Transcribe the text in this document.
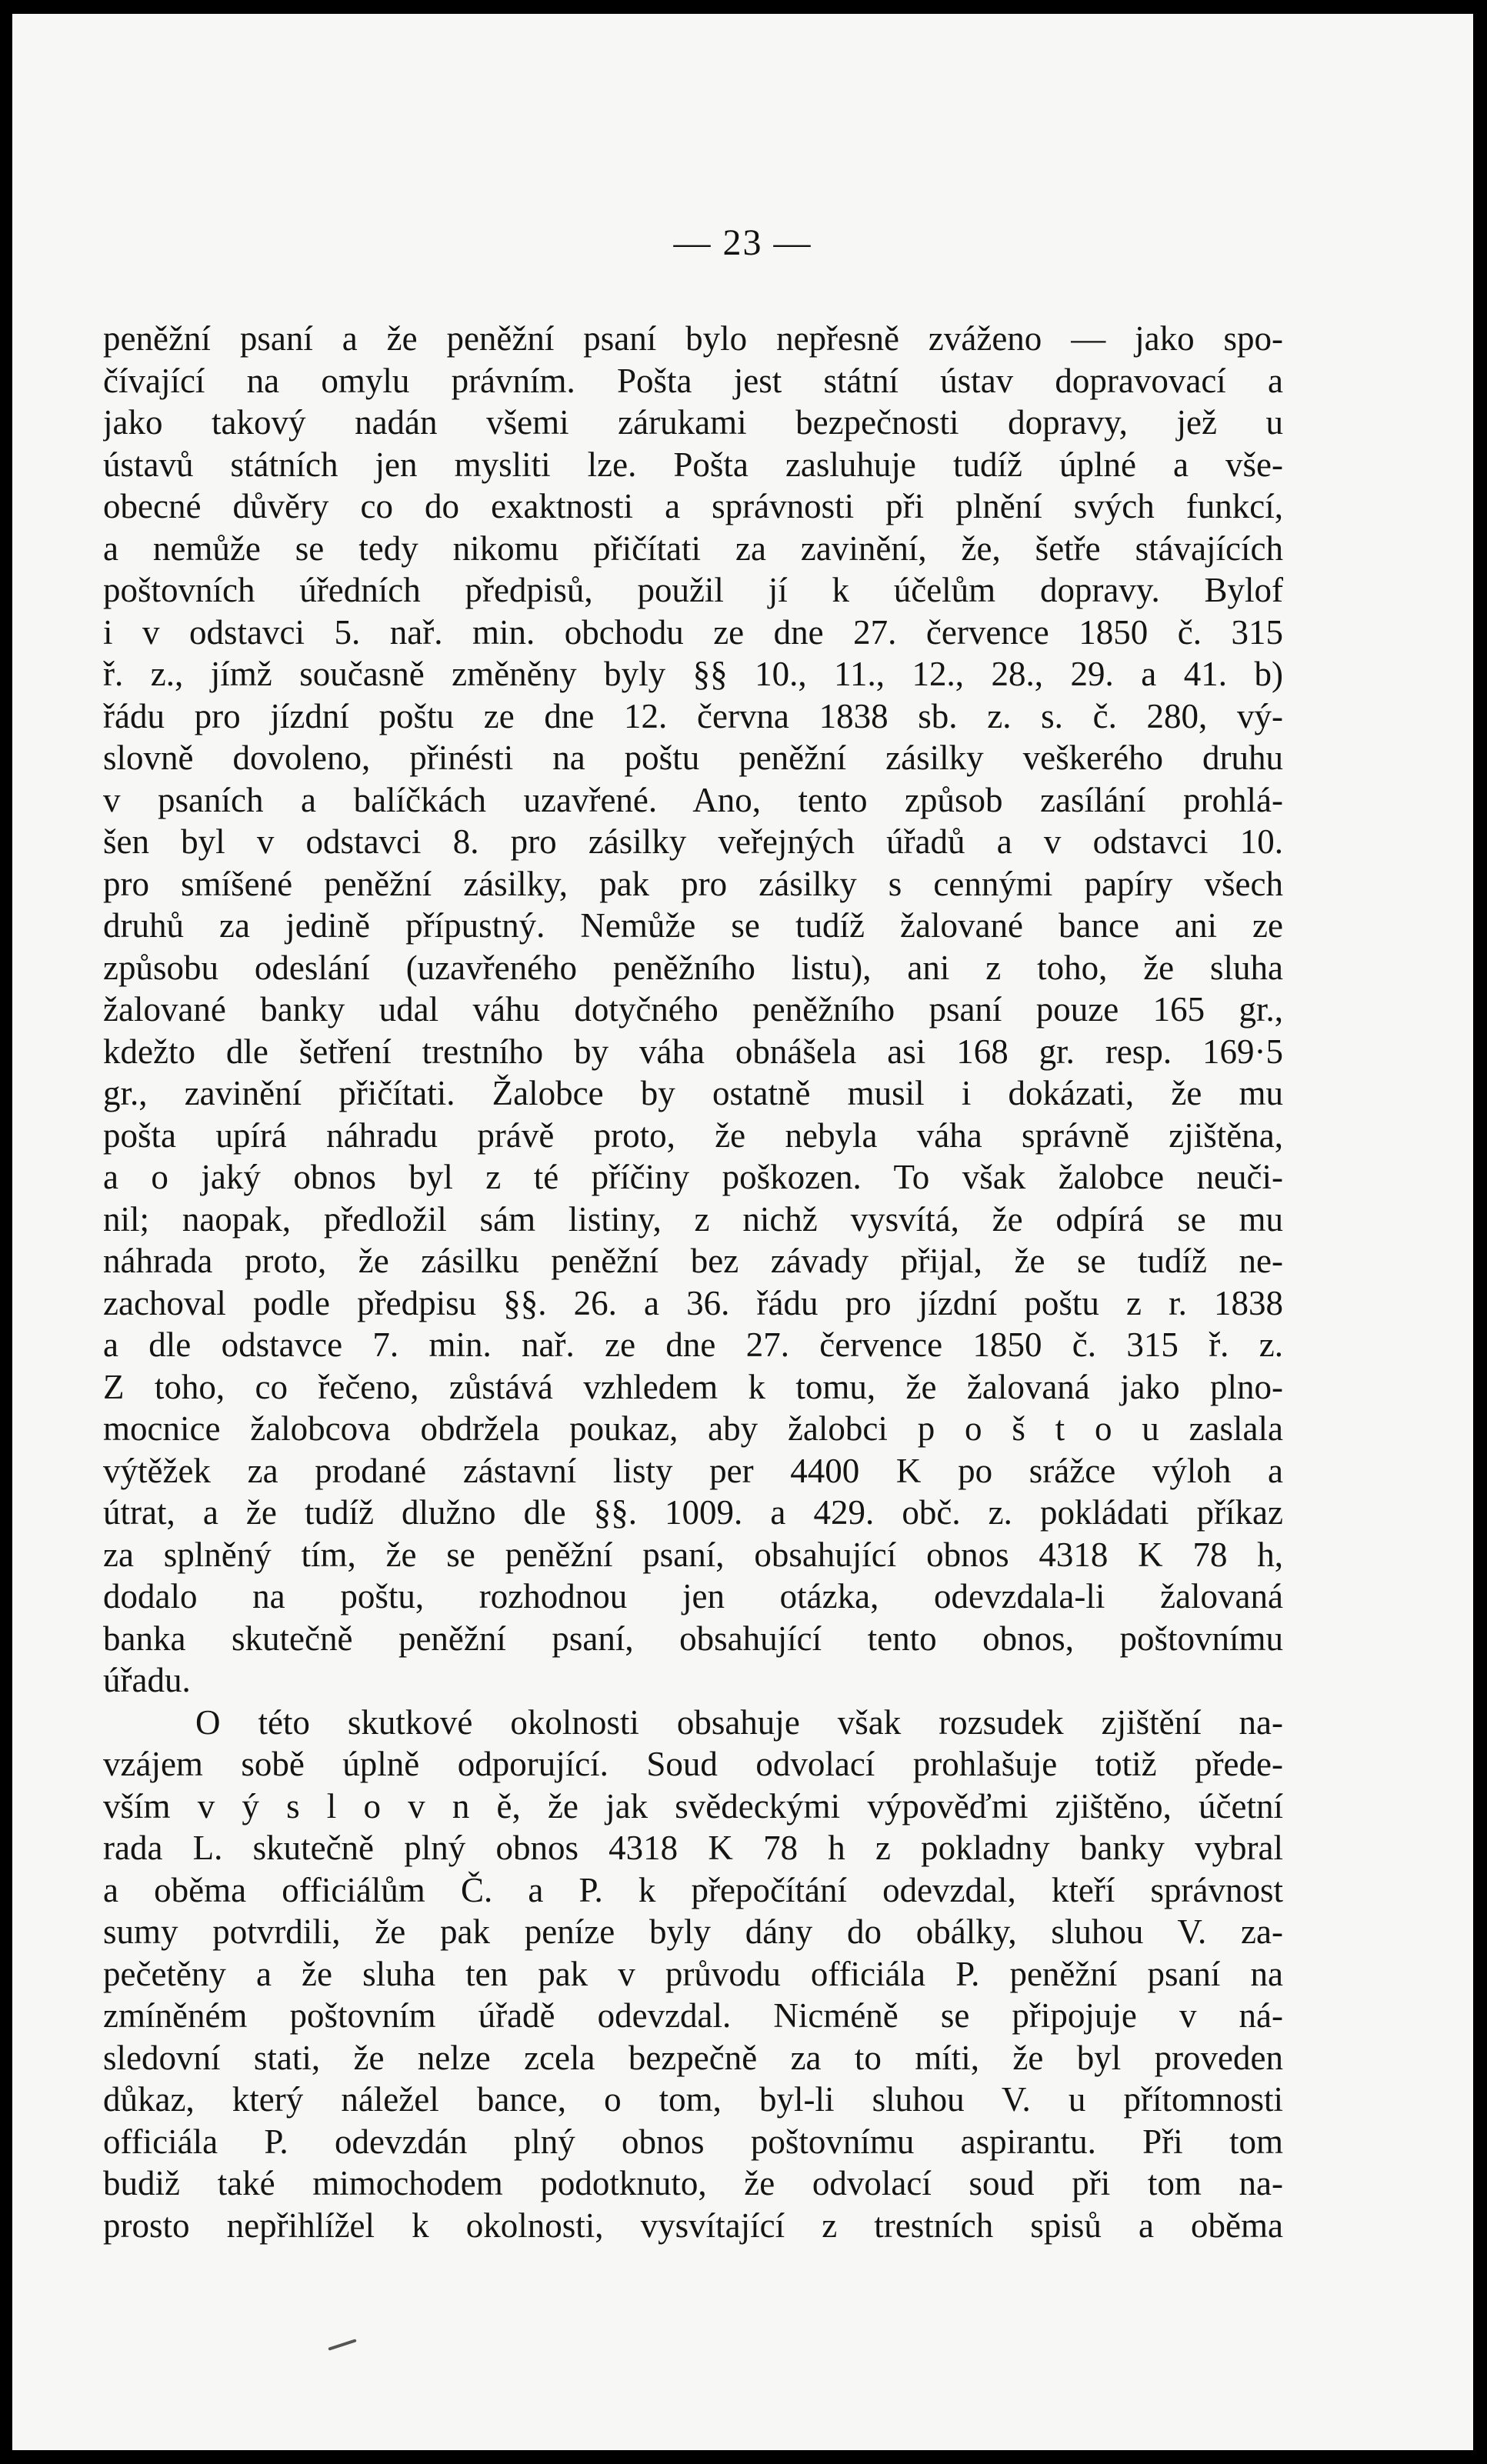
— 23 —
peněžní psaní a že peněžní psaní bylo nepřesně zváženo — jako spo-
čívající na omylu právním. Pošta jest státní ústav dopravovací a
jako takový nadán všemi zárukami bezpečnosti dopravy, jež u
ústavů státních jen mysliti lze. Pošta zasluhuje tudíž úplné a vše-
obecné důvěry co do exaktnosti a správnosti při plnění svých funkcí,
a nemůže se tedy nikomu přičítati za zavinění, že, šetře stávajících
poštovních úředních předpisů, použil jí k účelům dopravy. Bylof
i v odstavci 5. nař. min. obchodu ze dne 27. července 1850 č. 315
ř. z., jímž současně změněny byly §§ 10., 11., 12., 28., 29. a 41. b)
řádu pro jízdní poštu ze dne 12. června 1838 sb. z. s. č. 280, vý-
slovně dovoleno, přinésti na poštu peněžní zásilky veškerého druhu
v psaních a balíčkách uzavřené. Ano, tento způsob zasílání prohlá-
šen byl v odstavci 8. pro zásilky veřejných úřadů a v odstavci 10.
pro smíšené peněžní zásilky, pak pro zásilky s cennými papíry všech
druhů za jedině přípustný. Nemůže se tudíž žalované bance ani ze
způsobu odeslání (uzavřeného peněžního listu), ani z toho, že sluha
žalované banky udal váhu dotyčného peněžního psaní pouze 165 gr.,
kdežto dle šetření trestního by váha obnášela asi 168 gr. resp. 169·5
gr., zavinění přičítati. Žalobce by ostatně musil i dokázati, že mu
pošta upírá náhradu právě proto, že nebyla váha správně zjištěna,
a o jaký obnos byl z té příčiny poškozen. To však žalobce neuči-
nil; naopak, předložil sám listiny, z nichž vysvítá, že odpírá se mu
náhrada proto, že zásilku peněžní bez závady přijal, že se tudíž ne-
zachoval podle předpisu §§. 26. a 36. řádu pro jízdní poštu z r. 1838
a dle odstavce 7. min. nař. ze dne 27. července 1850 č. 315 ř. z.
Z toho, co řečeno, zůstává vzhledem k tomu, že žalovaná jako plno-
mocnice žalobcova obdržela poukaz, aby žalobci p o š t o u zaslala
výtěžek za prodané zástavní listy per 4400 K po srážce výloh a
útrat, a že tudíž dlužno dle §§. 1009. a 429. obč. z. pokládati příkaz
za splněný tím, že se peněžní psaní, obsahující obnos 4318 K 78 h,
dodalo na poštu, rozhodnou jen otázka, odevzdala-li žalovaná
banka skutečně peněžní psaní, obsahující tento obnos, poštovnímu
úřadu.
O této skutkové okolnosti obsahuje však rozsudek zjištění na-
vzájem sobě úplně odporující. Soud odvolací prohlašuje totiž přede-
vším v ý s l o v n ě, že jak svědeckými výpověďmi zjištěno, účetní
rada L. skutečně plný obnos 4318 K 78 h z pokladny banky vybral
a oběma officiálům Č. a P. k přepočítání odevzdal, kteří správnost
sumy potvrdili, že pak peníze byly dány do obálky, sluhou V. za-
pečetěny a že sluha ten pak v průvodu officiála P. peněžní psaní na
zmíněném poštovním úřadě odevzdal. Nicméně se připojuje v ná-
sledovní stati, že nelze zcela bezpečně za to míti, že byl proveden
důkaz, který náležel bance, o tom, byl-li sluhou V. u přítomnosti
officiála P. odevzdán plný obnos poštovnímu aspirantu. Při tom
budiž také mimochodem podotknuto, že odvolací soud při tom na-
prosto nepřihlížel k okolnosti, vysvítající z trestních spisů a oběma
